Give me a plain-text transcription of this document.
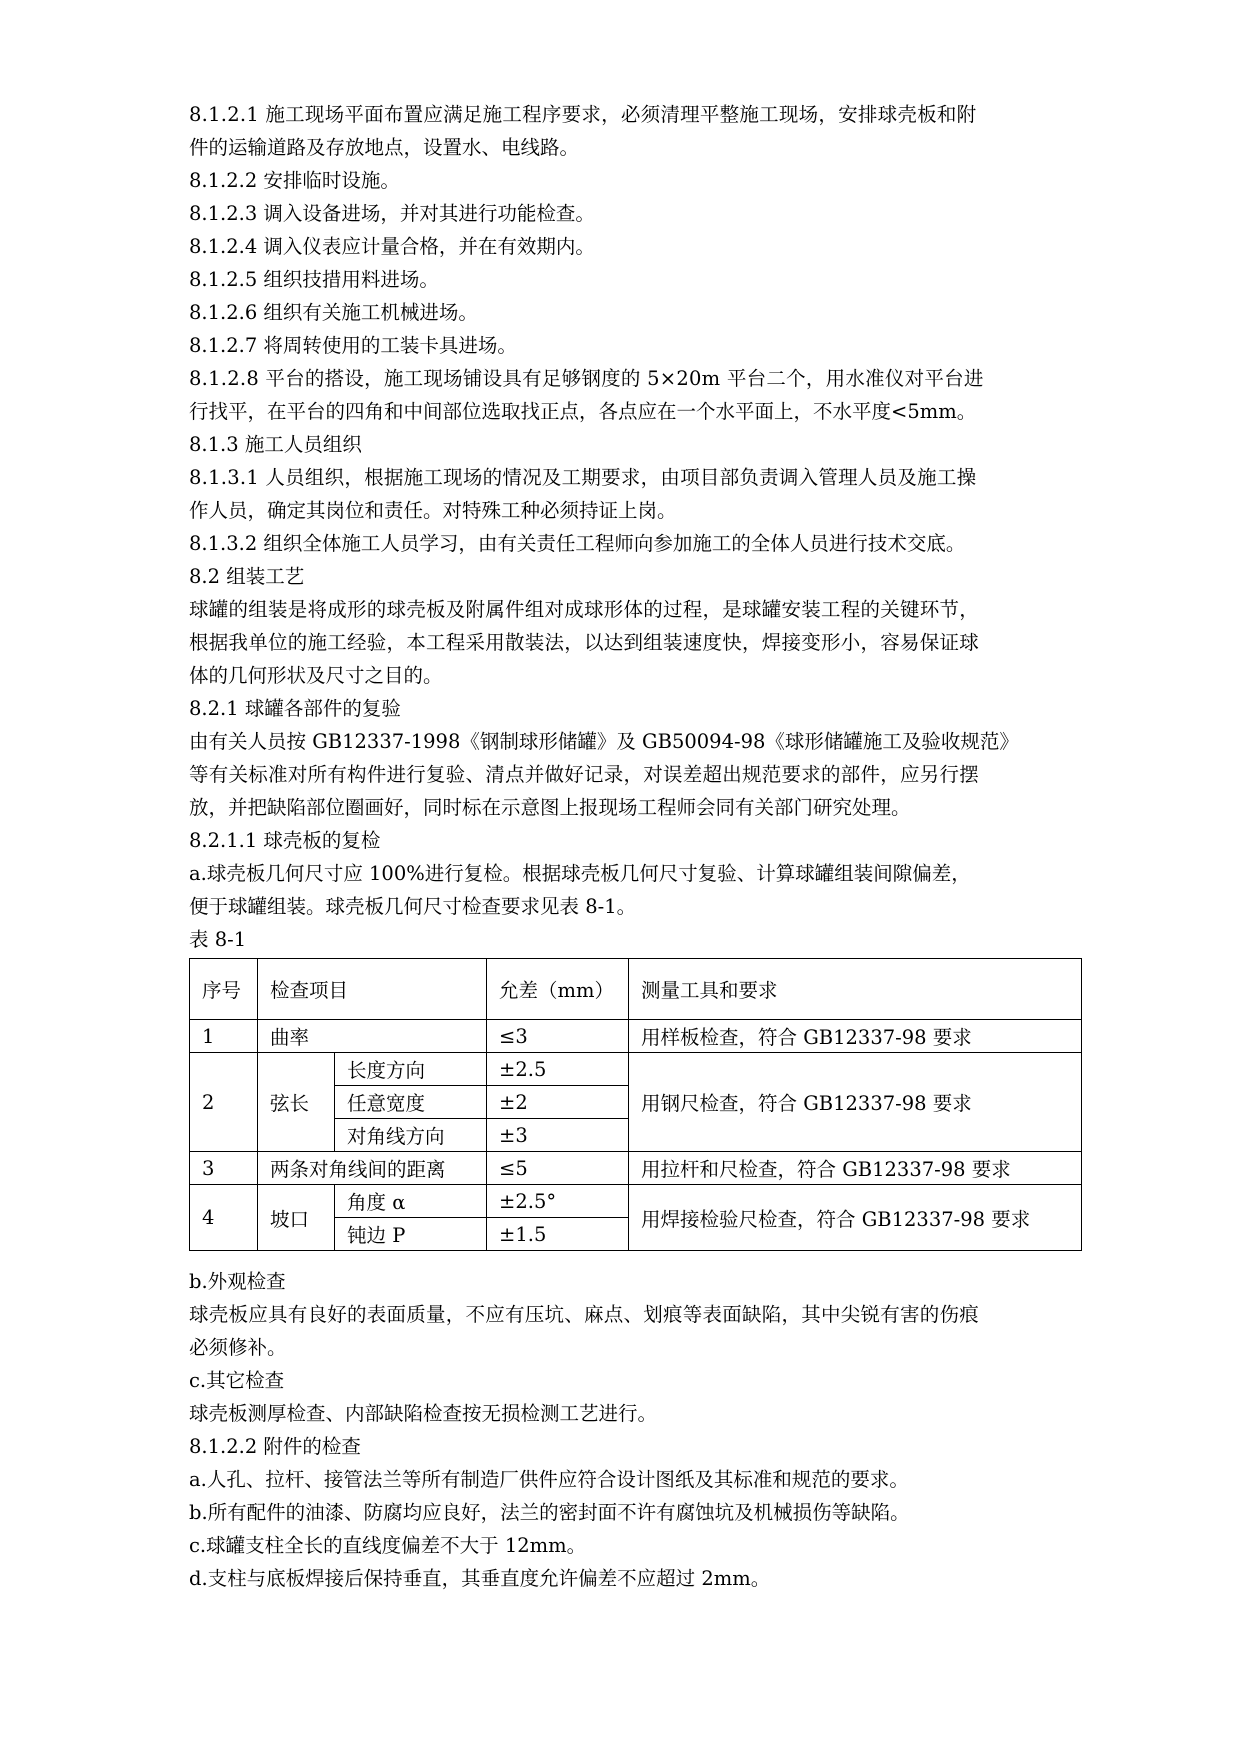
8.1.2.1 施工现场平面布置应满足施工程序要求，必须清理平整施工现场，安排球壳板和附
件的运输道路及存放地点，设置水、电线路。
8.1.2.2 安排临时设施。
8.1.2.3 调入设备进场，并对其进行功能检查。
8.1.2.4 调入仪表应计量合格，并在有效期内。
8.1.2.5 组织技措用料进场。
8.1.2.6 组织有关施工机械进场。
8.1.2.7 将周转使用的工装卡具进场。
8.1.2.8 平台的搭设，施工现场铺设具有足够钢度的 5×20m 平台二个，用水准仪对平台进
行找平，在平台的四角和中间部位选取找正点，各点应在一个水平面上，不水平度<5mm。
8.1.3 施工人员组织
8.1.3.1 人员组织，根据施工现场的情况及工期要求，由项目部负责调入管理人员及施工操
作人员，确定其岗位和责任。对特殊工种必须持证上岗。
8.1.3.2 组织全体施工人员学习，由有关责任工程师向参加施工的全体人员进行技术交底。
8.2 组装工艺
球罐的组装是将成形的球壳板及附属件组对成球形体的过程，是球罐安装工程的关键环节，
根据我单位的施工经验，本工程采用散装法，以达到组装速度快，焊接变形小，容易保证球
体的几何形状及尺寸之目的。
8.2.1 球罐各部件的复验
由有关人员按 GB12337-1998《钢制球形储罐》及 GB50094-98《球形储罐施工及验收规范》
等有关标准对所有构件进行复验、清点并做好记录，对误差超出规范要求的部件，应另行摆
放，并把缺陷部位圈画好，同时标在示意图上报现场工程师会同有关部门研究处理。
8.2.1.1 球壳板的复检
a.球壳板几何尺寸应 100%进行复检。根据球壳板几何尺寸复验、计算球罐组装间隙偏差，
便于球罐组装。球壳板几何尺寸检查要求见表 8-1。
表 8-1
序号	检查项目		允差（mm）	测量工具和要求
1	曲率		≤3	用样板检查，符合 GB12337-98 要求
2	弦长	长度方向	±2.5	用钢尺检查，符合 GB12337-98 要求
		任意宽度	±2	
		对角线方向	±3	
3	两条对角线间的距离		≤5	用拉杆和尺检查，符合 GB12337-98 要求
4	坡口	角度 α	±2.5°	用焊接检验尺检查，符合 GB12337-98 要求
		钝边 P	±1.5	
b.外观检查
球壳板应具有良好的表面质量，不应有压坑、麻点、划痕等表面缺陷，其中尖锐有害的伤痕
必须修补。
c.其它检查
球壳板测厚检查、内部缺陷检查按无损检测工艺进行。
8.1.2.2 附件的检查
a.人孔、拉杆、接管法兰等所有制造厂供件应符合设计图纸及其标准和规范的要求。
b.所有配件的油漆、防腐均应良好，法兰的密封面不许有腐蚀坑及机械损伤等缺陷。
c.球罐支柱全长的直线度偏差不大于 12mm。
d.支柱与底板焊接后保持垂直，其垂直度允许偏差不应超过 2mm。
